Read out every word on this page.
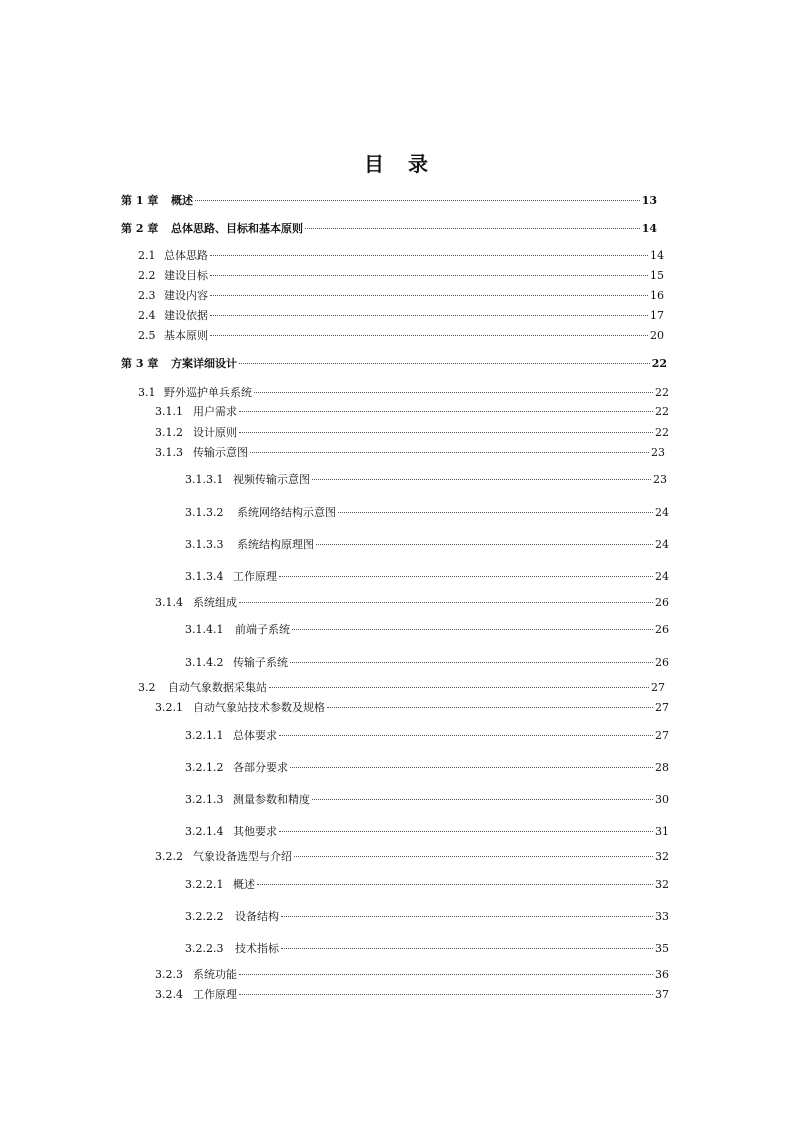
目　录
第 1 章	概述	13
第 2 章	总体思路、目标和基本原则	14
2.1 总体思路	14
2.2 建设目标	15
2.3 建设内容	16
2.4 建设依据	17
2.5 基本原则	20
第 3 章	方案详细设计	22
3.1 野外巡护单兵系统	22
3.1.1 用户需求	22
3.1.2 设计原则	22
3.1.3 传输示意图	23
3.1.3.1 视频传输示意图	23
3.1.3.2	系统网络结构示意图	24
3.1.3.3	系统结构原理图	24
3.1.3.4 工作原理	24
3.1.4 系统组成	26
3.1.4.1	前端子系统	26
3.1.4.2 传输子系统	26
3.2	自动气象数据采集站	27
3.2.1 自动气象站技术参数及规格	27
3.2.1.1 总体要求	27
3.2.1.2 各部分要求	28
3.2.1.3 测量参数和精度	30
3.2.1.4 其他要求	31
3.2.2 气象设备选型与介绍	32
3.2.2.1 概述	32
3.2.2.2	设备结构	33
3.2.2.3	技术指标	35
3.2.3 系统功能	36
3.2.4 工作原理	37
